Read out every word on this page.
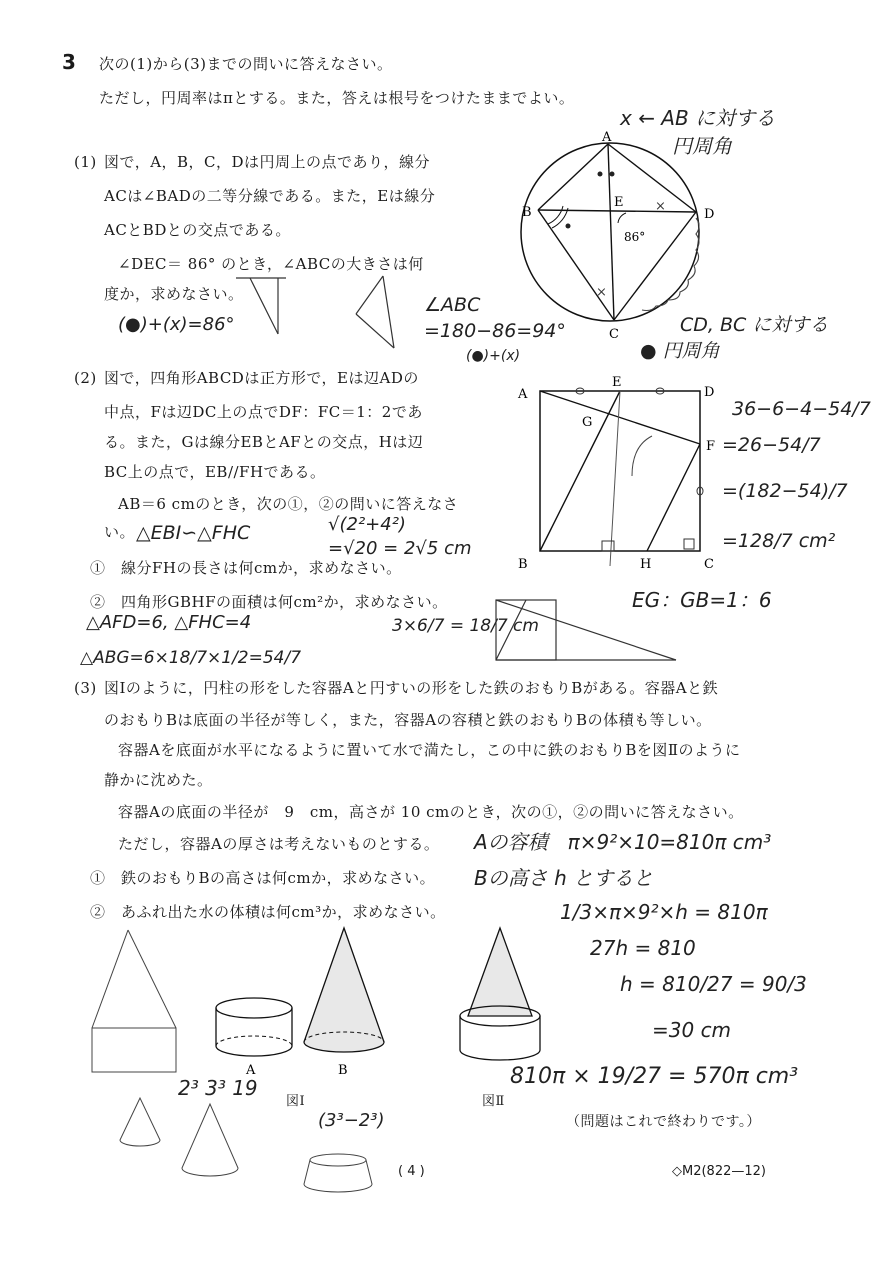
3 次の(1)から(3)までの問いに答えなさい。
ただし，円周率はπとする。また，答えは根号をつけたままでよい。
(1) 図で，A，B，C，Dは円周上の点であり，線分
ACは∠BADの二等分線である。また，Eは線分
ACとBDとの交点である。
∠DEC＝ 86° のとき，∠ABCの大きさは何
度か，求めなさい。
A
B
C
D
E
86°
×
×
x ← AB に対する
円周角
CD, BC に対する
● 円周角
(●)+(x)=86°
∠ABC
=180−86=94°
(●)+(x)
(2) 図で，四角形ABCDは正方形で，Eは辺ADの
中点，Fは辺DC上の点でDF：FC＝1：2であ
る。また，Gは線分EBとAFとの交点，Hは辺
BC上の点で，EB//FHである。
AB＝6 cmのとき，次の①，②の問いに答えなさ
い。
①　線分FHの長さは何cmか，求めなさい。
②　四角形GBHFの面積は何cm²か，求めなさい。
A
E
D
G
F
B	H	C
36−6−4−54/7
=26−54/7
=(182−54)/7
=128/7 cm²
EG：GB=1：6
△EBI∽△FHC	√(2²+4²)
=√20 = 2√5 cm
△AFD=6, △FHC=4
△ABG=6×18/7×1/2=54/7
3×6/7 = 18/7 cm
(3) 図Ⅰのように，円柱の形をした容器Aと円すいの形をした鉄のおもりBがある。容器Aと鉄
のおもりBは底面の半径が等しく，また，容器Aの容積と鉄のおもりBの体積も等しい。
容器Aを底面が水平になるように置いて水で満たし，この中に鉄のおもりBを図Ⅱのように
静かに沈めた。
容器Aの底面の半径が　9　cm，高さが 10 cmのとき，次の①，②の問いに答えなさい。
ただし，容器Aの厚さは考えないものとする。
①　鉄のおもりBの高さは何cmか，求めなさい。
②　あふれ出た水の体積は何cm³か，求めなさい。
Aの容積　π×9²×10=810π cm³
Bの高さ h とすると
1/3×π×9²×h = 810π
27h = 810
h = 810/27 = 90/3
=30 cm
810π × 19/27 = 570π cm³
2³ 3³ 19
(3³−2³)
A	B
図Ⅰ	図Ⅱ
（問題はこれで終わりです。）
( 4 )	◇M2(822—12)
